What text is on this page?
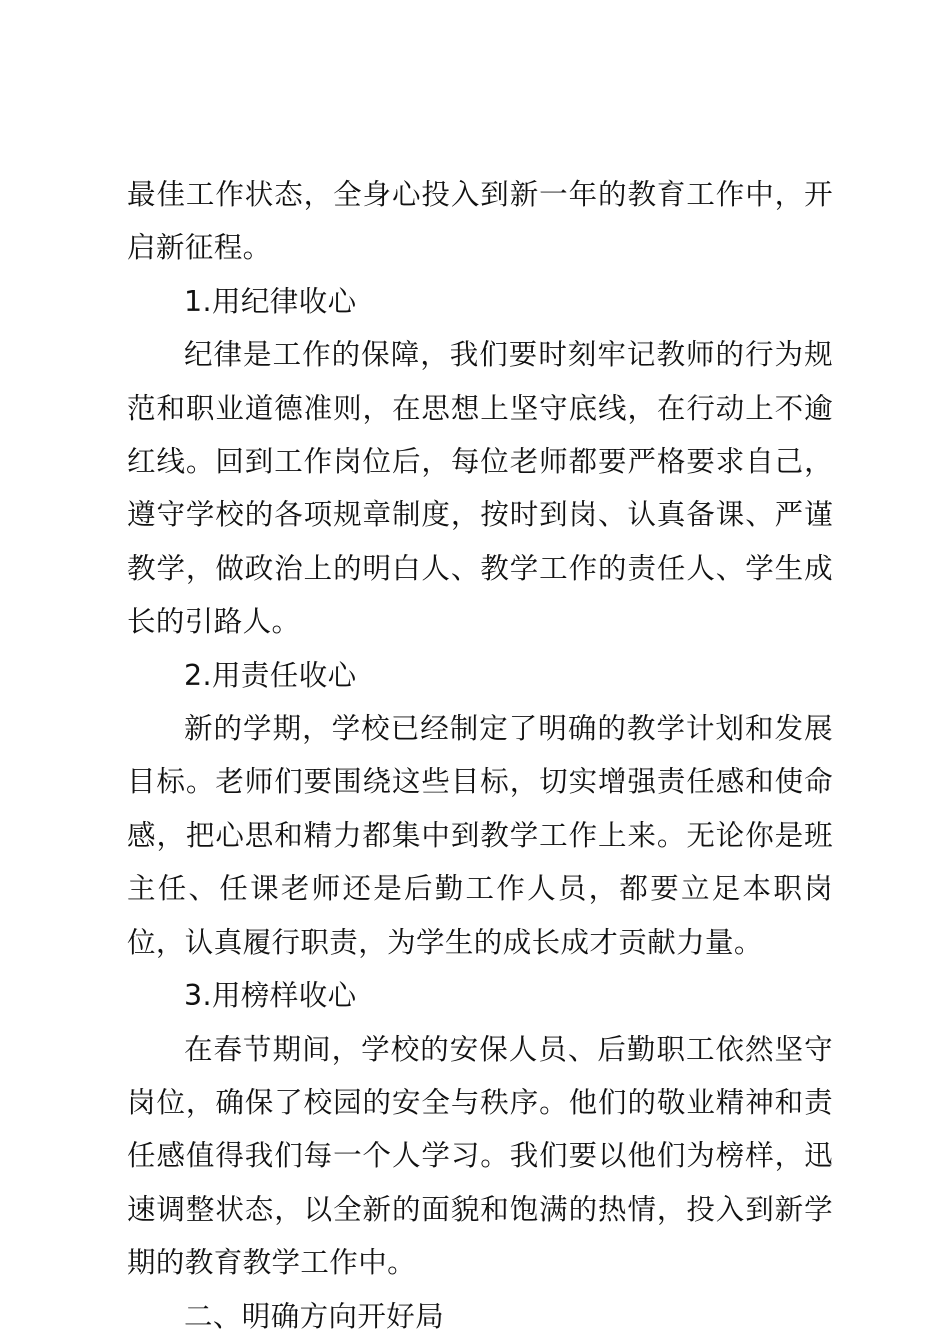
最佳工作状态，全身心投入到新一年的教育工作中，开启新征程。

1.用纪律收心

纪律是工作的保障，我们要时刻牢记教师的行为规范和职业道德准则，在思想上坚守底线，在行动上不逾红线。回到工作岗位后，每位老师都要严格要求自己，遵守学校的各项规章制度，按时到岗、认真备课、严谨教学，做政治上的明白人、教学工作的责任人、学生成长的引路人。

2.用责任收心

新的学期，学校已经制定了明确的教学计划和发展目标。老师们要围绕这些目标，切实增强责任感和使命感，把心思和精力都集中到教学工作上来。无论你是班主任、任课老师还是后勤工作人员，都要立足本职岗位，认真履行职责，为学生的成长成才贡献力量。

3.用榜样收心

在春节期间，学校的安保人员、后勤职工依然坚守岗位，确保了校园的安全与秩序。他们的敬业精神和责任感值得我们每一个人学习。我们要以他们为榜样，迅速调整状态，以全新的面貌和饱满的热情，投入到新学期的教育教学工作中。

二、明确方向开好局
